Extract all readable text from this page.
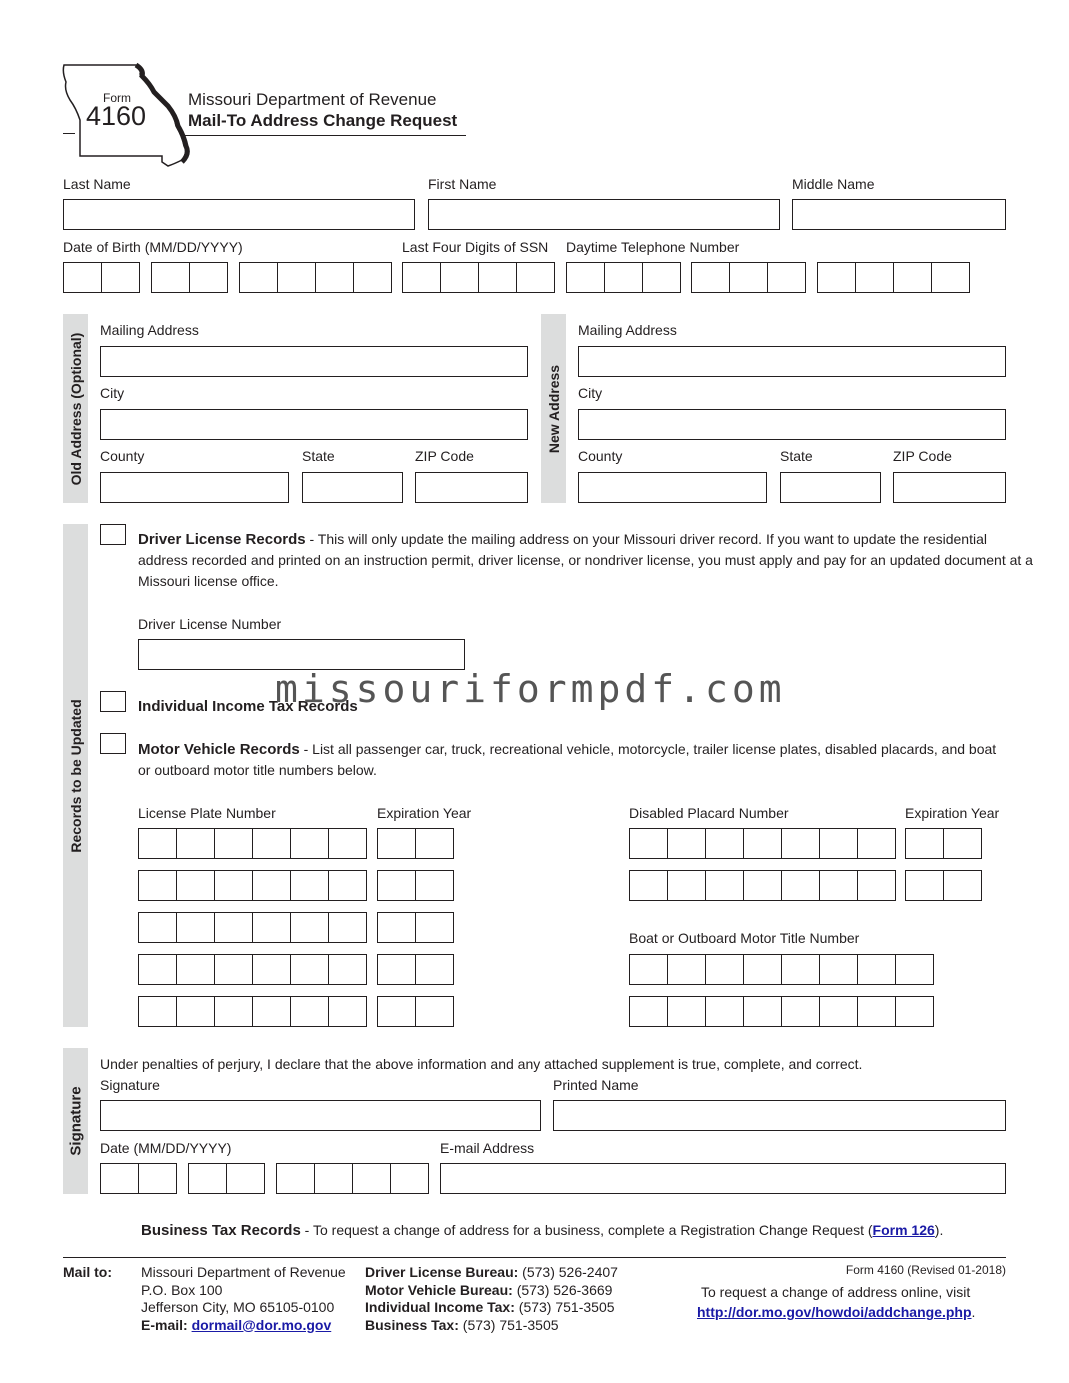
Form
4160
Missouri Department of Revenue
Mail-To Address Change Request
Last Name	First Name	Middle Name
Date of Birth (MM/DD/YYYY)	Last Four Digits of SSN Daytime Telephone Number
Old Address (Optional)
Mailing Address
City
County	State	ZIP Code
New Address
Mailing Address
City
County	State	ZIP Code
Records to be Updated
Driver License Records - This will only update the mailing address on your Missouri driver record. If you want to update the residential
address recorded and printed on an instruction permit, driver license, or nondriver license, you must apply and pay for an updated document at a
Missouri license office.
Driver License Number
Individual Income Tax Records
missouriformpdf.com
Motor Vehicle Records - List all passenger car, truck, recreational vehicle, motorcycle, trailer license plates, disabled placards, and boat
or outboard motor title numbers below.
License Plate Number	Expiration Year	Disabled Placard Number	Expiration Year
Boat or Outboard Motor Title Number
Signature
Under penalties of perjury, I declare that the above information and any attached supplement is true, complete, and correct.
Signature	Printed Name
Date (MM/DD/YYYY)	E-mail Address
Business Tax Records - To request a change of address for a business, complete a Registration Change Request (Form 126).
Mail to: Missouri Department of Revenue
P.O. Box 100
Jefferson City, MO 65105-0100
E-mail: dormail@dor.mo.gov
Driver License Bureau: (573) 526-2407
Motor Vehicle Bureau: (573) 526-3669
Individual Income Tax: (573) 751-3505
Business Tax: (573) 751-3505
Form 4160 (Revised 01-2018)
To request a change of address online, visit
http://dor.mo.gov/howdoi/addchange.php.
